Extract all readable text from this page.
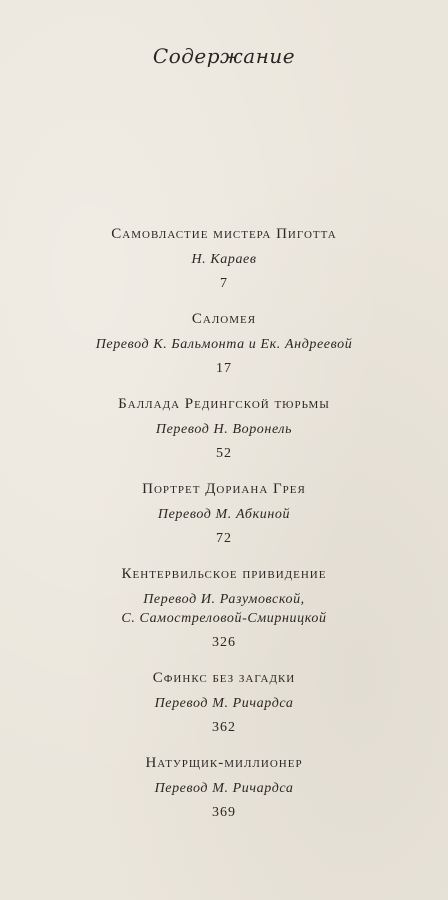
Содержание
Самовластие мистера Пиготта
Н. Караев
7
Саломея
Перевод К. Бальмонта и Ек. Андреевой
17
Баллада Редингской тюрьмы
Перевод Н. Воронель
52
Портрет Дориана Грея
Перевод М. Абкиной
72
Кентервильское привидение
Перевод И. Разумовской,
С. Самостреловой-Смирницкой
326
Сфинкс без загадки
Перевод М. Ричардса
362
Натурщик-миллионер
Перевод М. Ричардса
369
